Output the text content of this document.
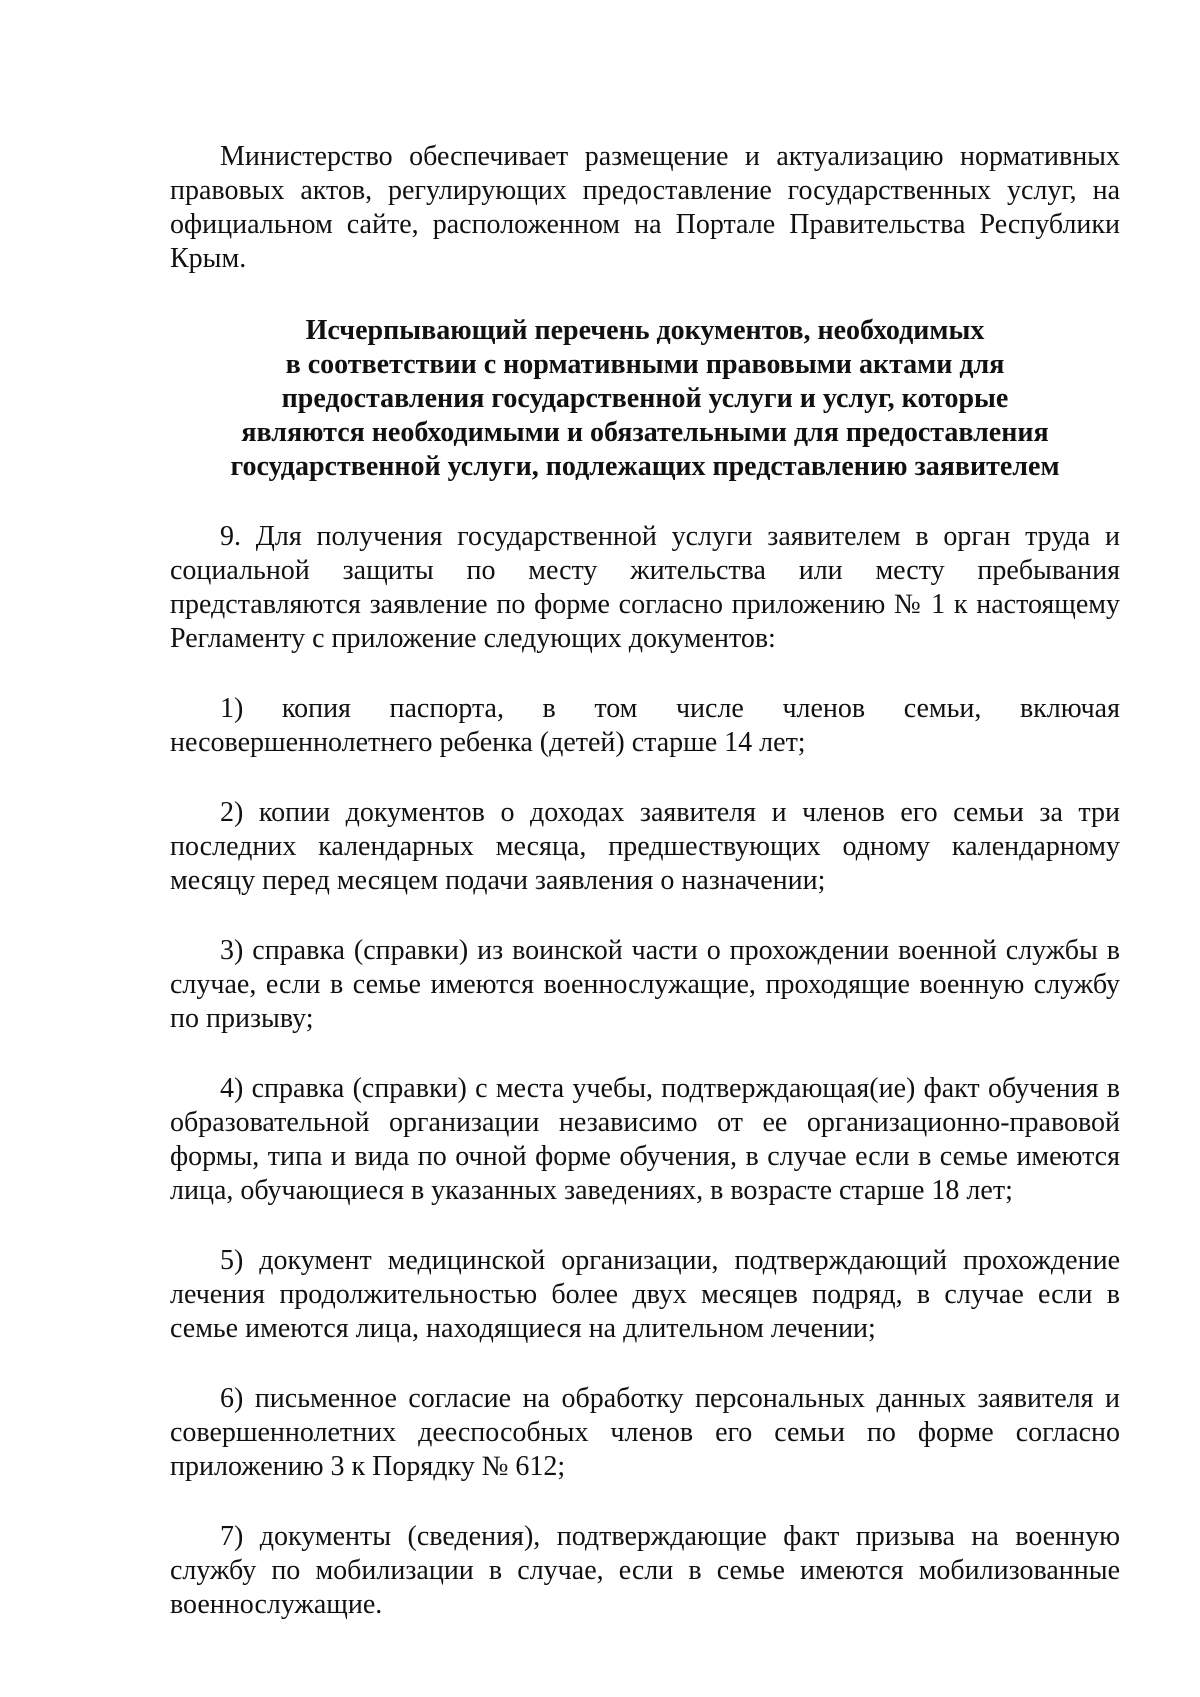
Министерство обеспечивает размещение и актуализацию нормативных правовых актов, регулирующих предоставление государственных услуг, на официальном сайте, расположенном на Портале Правительства Республики Крым.

Исчерпывающий перечень документов, необходимых
в соответствии с нормативными правовыми актами для
предоставления государственной услуги и услуг, которые
являются необходимыми и обязательными для предоставления
государственной услуги, подлежащих представлению заявителем

9. Для получения государственной услуги заявителем в орган труда и социальной защиты по месту жительства или месту пребывания представляются заявление по форме согласно приложению № 1 к настоящему Регламенту с приложение следующих документов:

1) копия паспорта, в том числе членов семьи, включая несовершеннолетнего ребенка (детей) старше 14 лет;

2) копии документов о доходах заявителя и членов его семьи за три последних календарных месяца, предшествующих одному календарному месяцу перед месяцем подачи заявления о назначении;

3) справка (справки) из воинской части о прохождении военной службы в случае, если в семье имеются военнослужащие, проходящие военную службу по призыву;

4) справка (справки) с места учебы, подтверждающая(ие) факт обучения в образовательной организации независимо от ее организационно-правовой формы, типа и вида по очной форме обучения, в случае если в семье имеются лица, обучающиеся в указанных заведениях, в возрасте старше 18 лет;

5) документ медицинской организации, подтверждающий прохождение лечения продолжительностью более двух месяцев подряд, в случае если в семье имеются лица, находящиеся на длительном лечении;

6) письменное согласие на обработку персональных данных заявителя и совершеннолетних дееспособных членов его семьи по форме согласно приложению 3 к Порядку № 612;

7) документы (сведения), подтверждающие факт призыва на военную службу по мобилизации в случае, если в семье имеются мобилизованные военнослужащие.
